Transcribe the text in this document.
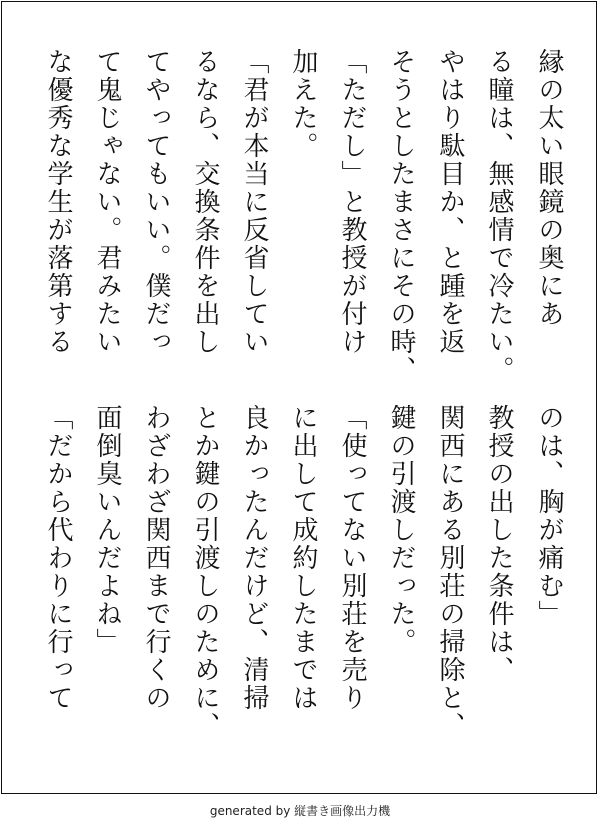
縁の太い眼鏡の奥にあ
る瞳は、無感情で冷たい。
やはり駄目か、と踵を返
そうとしたまさにその時、
「ただし」と教授が付け
加えた。
「君が本当に反省してい
るなら、交換条件を出し
てやってもいい。僕だっ
て鬼じゃない。君みたい
な優秀な学生が落第する
のは、胸が痛む」
教授の出した条件は、
関西にある別荘の掃除と、
鍵の引渡しだった。
「使ってない別荘を売り
に出して成約したまでは
良かったんだけど、清掃
とか鍵の引渡しのために、
わざわざ関西まで行くの
面倒臭いんだよね」
「だから代わりに行って
generated by 縦書き画像出力機
